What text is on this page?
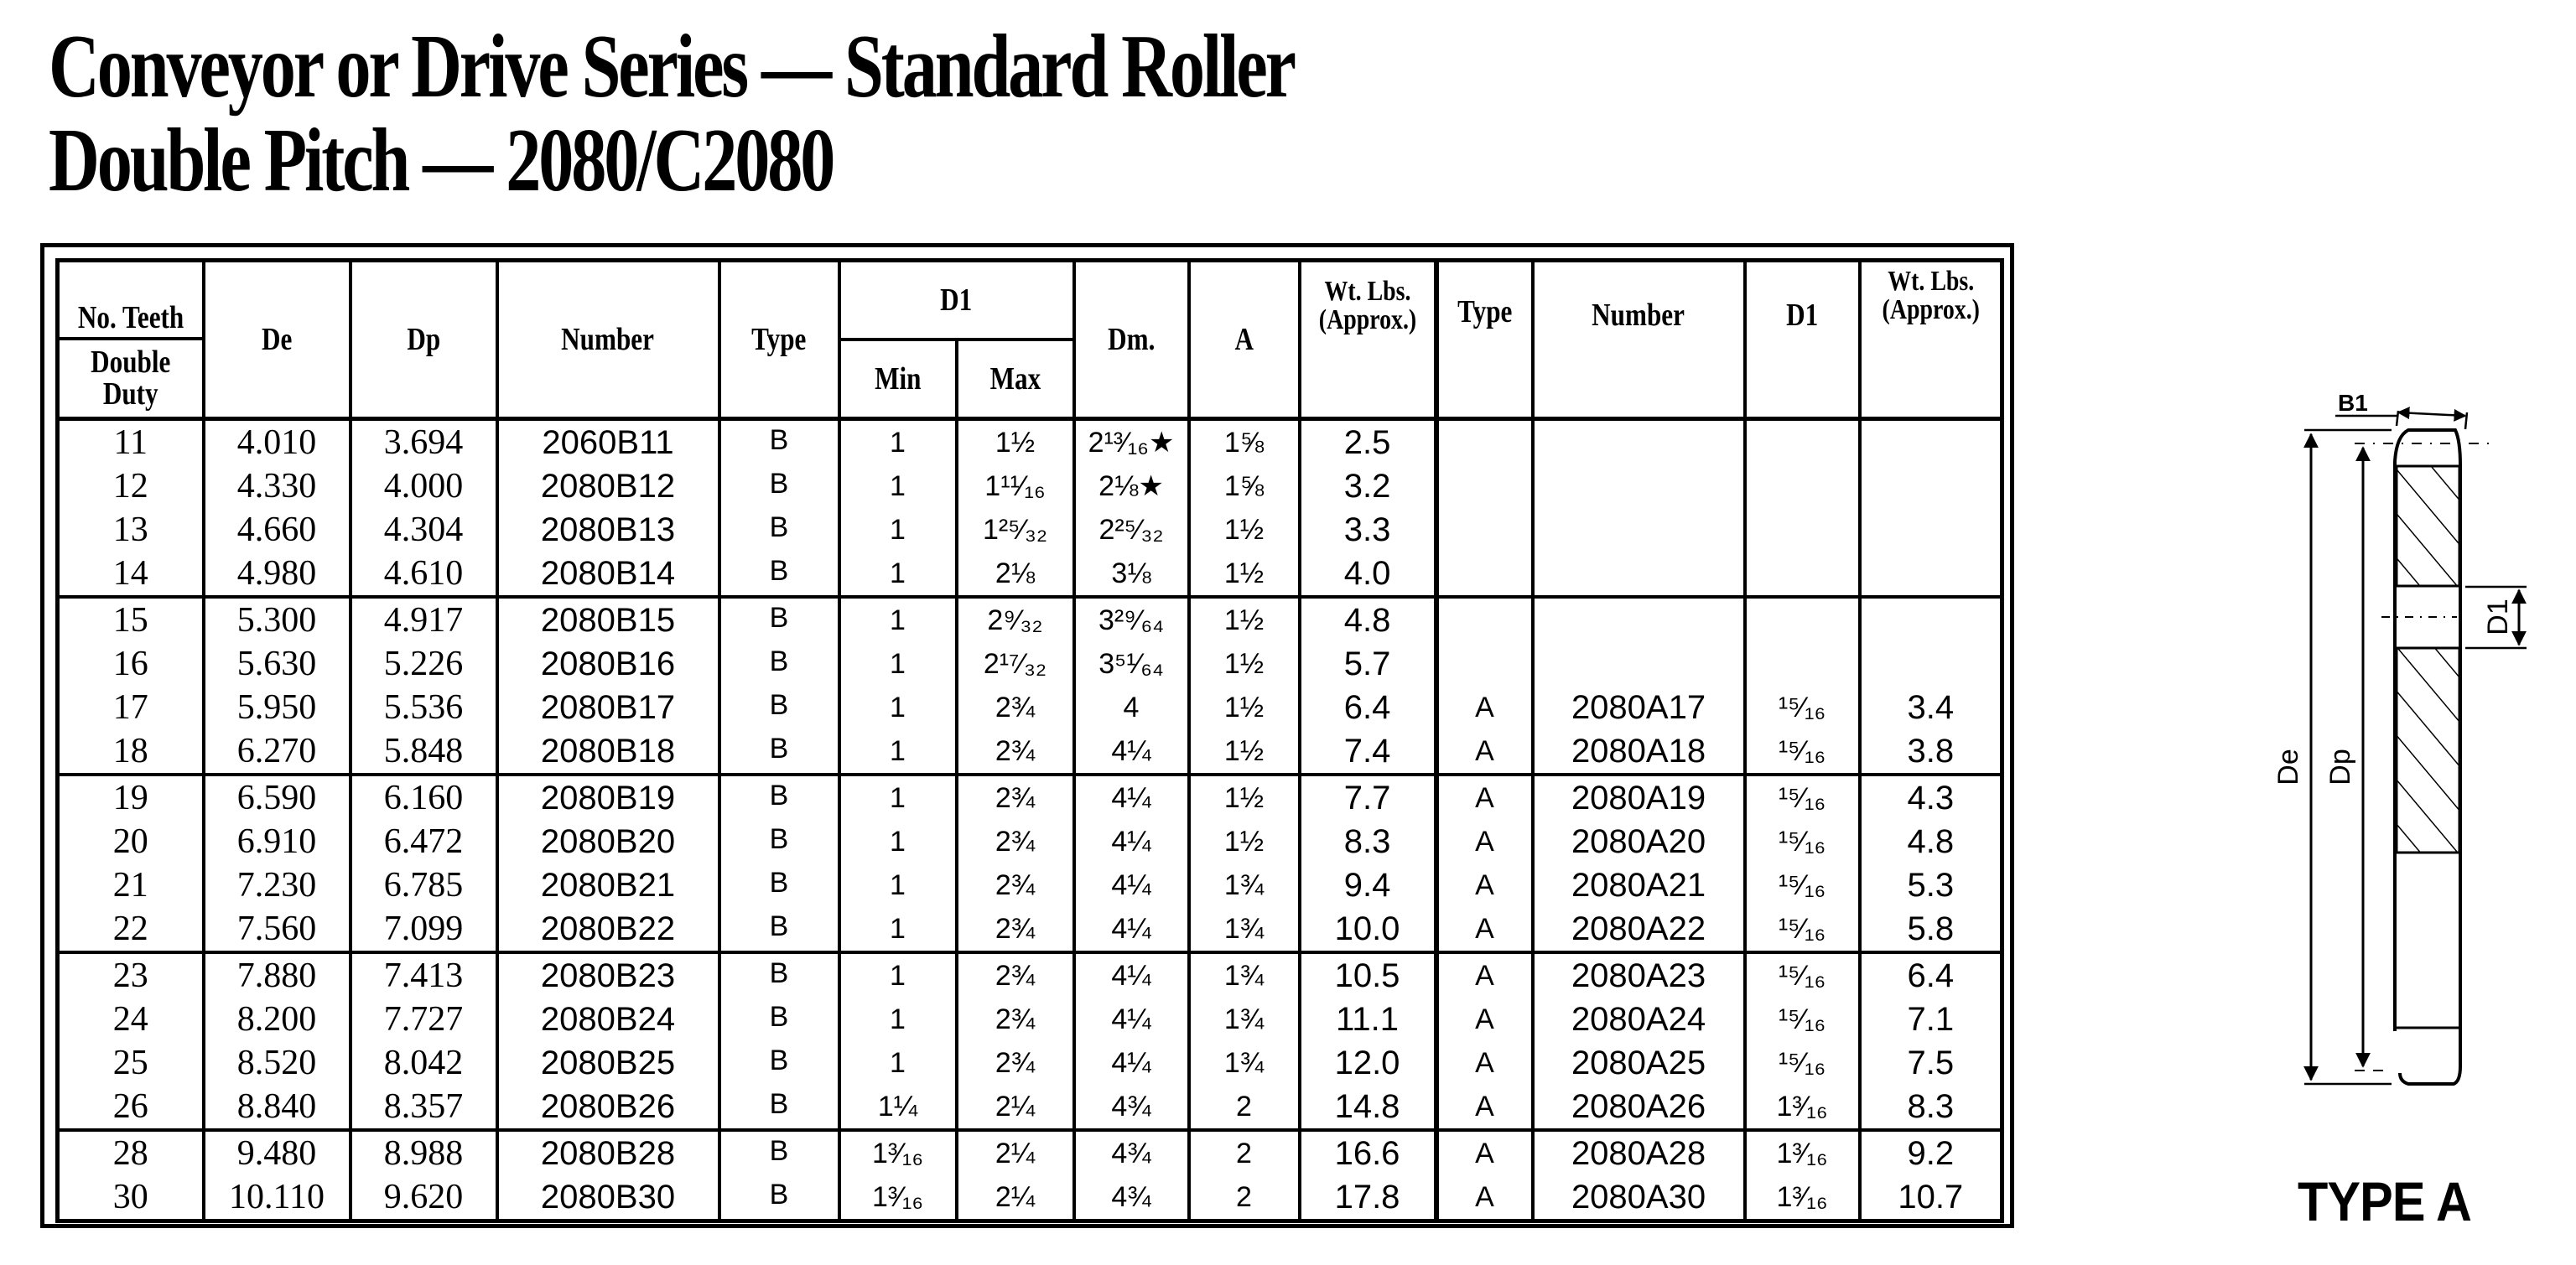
Conveyor or Drive Series — Standard Roller
Double Pitch — 2080/C2080
No. Teeth
Double Duty	De	Dp	Number	Type	D1		Dm.	A	Wt. Lbs. (Approx.)	Type	Number	D1	Wt. Lbs. (Approx.)
					Min	Max							
11	4.010	3.694	2060B11	B	1	1½	2¹³⁄₁₆★	1⅝	2.5				
12	4.330	4.000	2080B12	B	1	1¹¹⁄₁₆	2⅛★	1⅝	3.2				
13	4.660	4.304	2080B13	B	1	1²⁵⁄₃₂	2²⁵⁄₃₂	1½	3.3				
14	4.980	4.610	2080B14	B	1	2⅛	3⅛	1½	4.0				
15	5.300	4.917	2080B15	B	1	2⁹⁄₃₂	3²⁹⁄₆₄	1½	4.8				
16	5.630	5.226	2080B16	B	1	2¹⁷⁄₃₂	3⁵¹⁄₆₄	1½	5.7				
17	5.950	5.536	2080B17	B	1	2¾	4	1½	6.4	A	2080A17	¹⁵⁄₁₆	3.4
18	6.270	5.848	2080B18	B	1	2¾	4¼	1½	7.4	A	2080A18	¹⁵⁄₁₆	3.8
19	6.590	6.160	2080B19	B	1	2¾	4¼	1½	7.7	A	2080A19	¹⁵⁄₁₆	4.3
20	6.910	6.472	2080B20	B	1	2¾	4¼	1½	8.3	A	2080A20	¹⁵⁄₁₆	4.8
21	7.230	6.785	2080B21	B	1	2¾	4¼	1¾	9.4	A	2080A21	¹⁵⁄₁₆	5.3
22	7.560	7.099	2080B22	B	1	2¾	4¼	1¾	10.0	A	2080A22	¹⁵⁄₁₆	5.8
23	7.880	7.413	2080B23	B	1	2¾	4¼	1¾	10.5	A	2080A23	¹⁵⁄₁₆	6.4
24	8.200	7.727	2080B24	B	1	2¾	4¼	1¾	11.1	A	2080A24	¹⁵⁄₁₆	7.1
25	8.520	8.042	2080B25	B	1	2¾	4¼	1¾	12.0	A	2080A25	¹⁵⁄₁₆	7.5
26	8.840	8.357	2080B26	B	1¼	2¼	4¾	2	14.8	A	2080A26	1³⁄₁₆	8.3
28	9.480	8.988	2080B28	B	1³⁄₁₆	2¼	4¾	2	16.6	A	2080A28	1³⁄₁₆	9.2
30	10.110	9.620	2080B30	B	1³⁄₁₆	2¼	4¾	2	17.8	A	2080A30	1³⁄₁₆	10.7
B1
De Dp
D1
TYPE A
